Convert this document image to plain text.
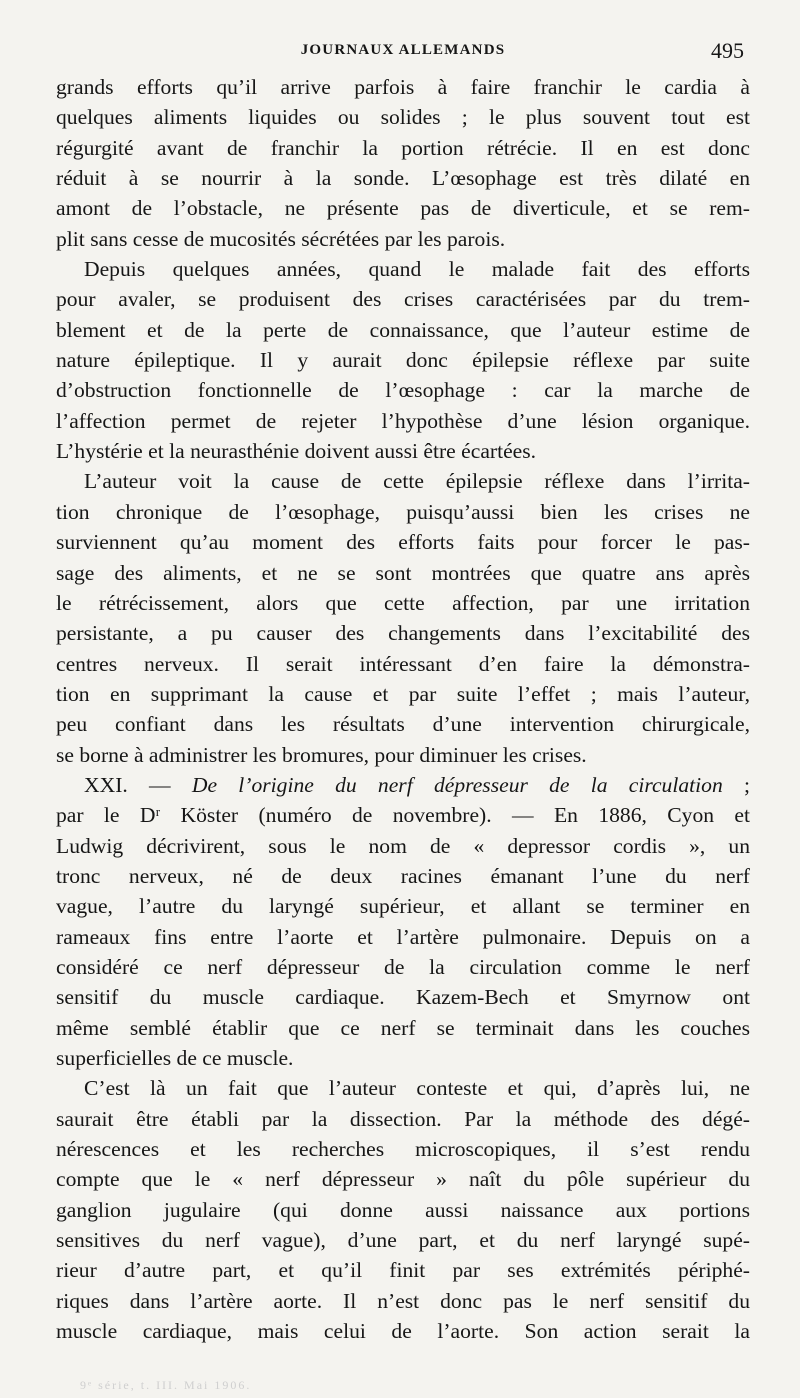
JOURNAUX ALLEMANDS	495
grands efforts qu’il arrive parfois à faire franchir le cardia à
quelques aliments liquides ou solides ; le plus souvent tout est
régurgité avant de franchir la portion rétrécie. Il en est donc
réduit à se nourrir à la sonde. L’œsophage est très dilaté en
amont de l’obstacle, ne présente pas de diverticule, et se rem-
plit sans cesse de mucosités sécrétées par les parois.
Depuis quelques années, quand le malade fait des efforts
pour avaler, se produisent des crises caractérisées par du trem-
blement et de la perte de connaissance, que l’auteur estime de
nature épileptique. Il y aurait donc épilepsie réflexe par suite
d’obstruction fonctionnelle de l’œsophage : car la marche de
l’affection permet de rejeter l’hypothèse d’une lésion organique.
L’hystérie et la neurasthénie doivent aussi être écartées.
L’auteur voit la cause de cette épilepsie réflexe dans l’irrita-
tion chronique de l’œsophage, puisqu’aussi bien les crises ne
surviennent qu’au moment des efforts faits pour forcer le pas-
sage des aliments, et ne se sont montrées que quatre ans après
le rétrécissement, alors que cette affection, par une irritation
persistante, a pu causer des changements dans l’excitabilité des
centres nerveux. Il serait intéressant d’en faire la démonstra-
tion en supprimant la cause et par suite l’effet ; mais l’auteur,
peu confiant dans les résultats d’une intervention chirurgicale,
se borne à administrer les bromures, pour diminuer les crises.
XXI. — De l’origine du nerf dépresseur de la circulation ;
par le Dʳ Köster (numéro de novembre). — En 1886, Cyon et
Ludwig décrivirent, sous le nom de « depressor cordis », un
tronc nerveux, né de deux racines émanant l’une du nerf
vague, l’autre du laryngé supérieur, et allant se terminer en
rameaux fins entre l’aorte et l’artère pulmonaire. Depuis on a
considéré ce nerf dépresseur de la circulation comme le nerf
sensitif du muscle cardiaque. Kazem-Bech et Smyrnow ont
même semblé établir que ce nerf se terminait dans les couches
superficielles de ce muscle.
C’est là un fait que l’auteur conteste et qui, d’après lui, ne
saurait être établi par la dissection. Par la méthode des dégé-
nérescences et les recherches microscopiques, il s’est rendu
compte que le « nerf dépresseur » naît du pôle supérieur du
ganglion jugulaire (qui donne aussi naissance aux portions
sensitives du nerf vague), d’une part, et du nerf laryngé supé-
rieur d’autre part, et qu’il finit par ses extrémités périphé-
riques dans l’artère aorte. Il n’est donc pas le nerf sensitif du
muscle cardiaque, mais celui de l’aorte. Son action serait la
9ᵉ série, t. III. Mai 1906.
